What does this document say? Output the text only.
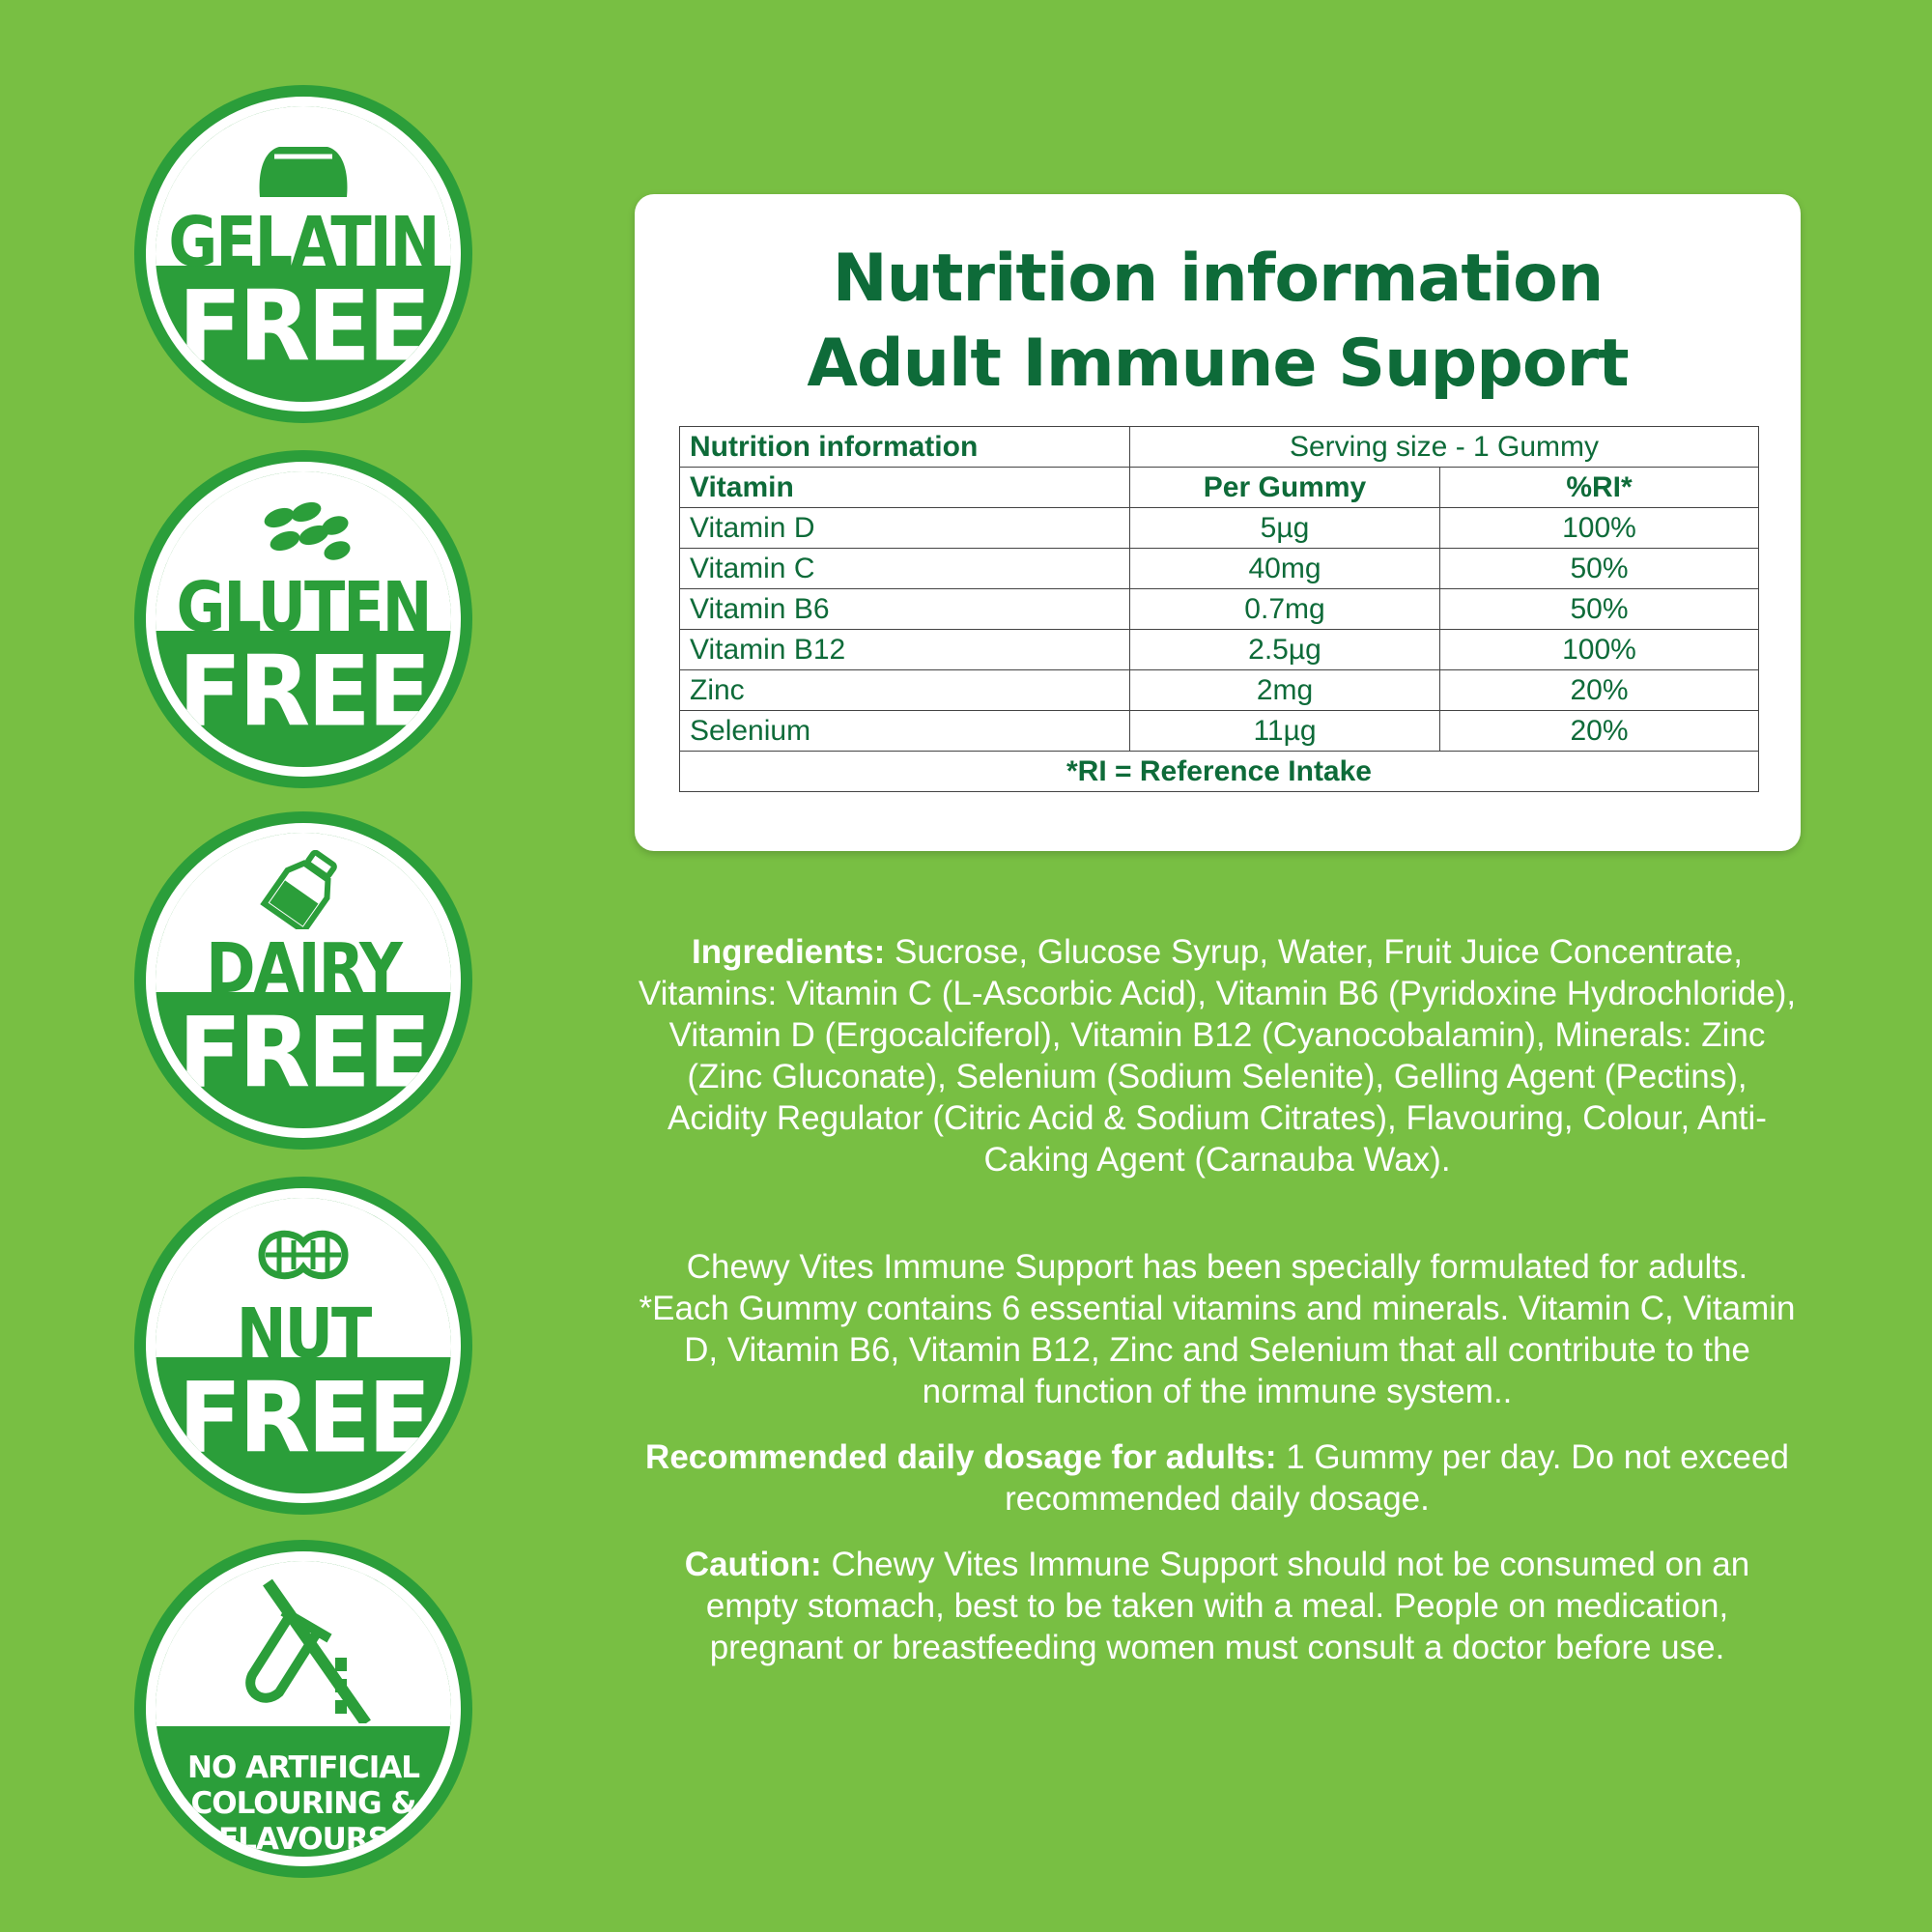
GELATIN
FREE
GLUTEN
FREE
DAIRY
FREE
NUT
FREE
NO ARTIFICIAL
COLOURING &
FLAVOURS
Nutrition information
Adult Immune Support
Nutrition information	Serving size - 1 Gummy	
Vitamin	Per Gummy	%RI*
Vitamin D	5µg	100%
Vitamin C	40mg	50%
Vitamin B6	0.7mg	50%
Vitamin B12	2.5µg	100%
Zinc	2mg	20%
Selenium	11µg	20%
*RI = Reference Intake		
Ingredients: Sucrose, Glucose Syrup, Water, Fruit Juice Concentrate, Vitamins: Vitamin C (L-Ascorbic Acid), Vitamin B6 (Pyridoxine Hydrochloride), Vitamin D (Ergocalciferol), Vitamin B12 (Cyanocobalamin), Minerals: Zinc (Zinc Gluconate), Selenium (Sodium Selenite), Gelling Agent (Pectins), Acidity Regulator (Citric Acid & Sodium Citrates), Flavouring, Colour, Anti-Caking Agent (Carnauba Wax).
Chewy Vites Immune Support has been specially formulated for adults. *Each Gummy contains 6 essential vitamins and minerals. Vitamin C, Vitamin D, Vitamin B6, Vitamin B12, Zinc and Selenium that all contribute to the normal function of the immune system..
Recommended daily dosage for adults: 1 Gummy per day. Do not exceed recommended daily dosage.
Caution: Chewy Vites Immune Support should not be consumed on an empty stomach, best to be taken with a meal. People on medication, pregnant or breastfeeding women must consult a doctor before use.
